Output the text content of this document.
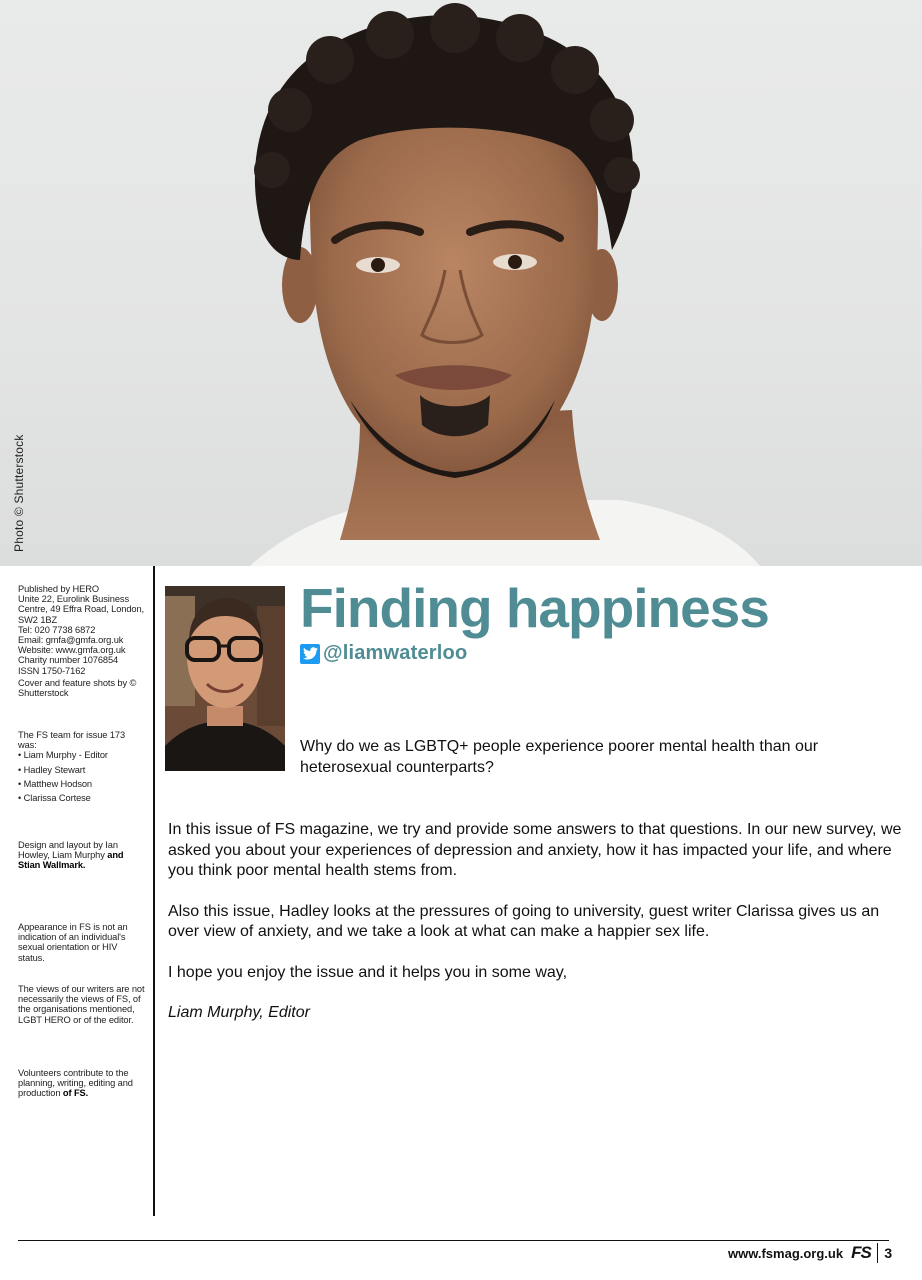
Photo © Shutterstock

Published by HERO
Unite 22, Eurolink Business Centre, 49 Effra Road, London, SW2 1BZ
Tel: 020 7738 6872
Email: gmfa@gmfa.org.uk
Website: www.gmfa.org.uk
Charity number 1076854
ISSN 1750-7162

Cover and feature shots by © Shutterstock

The FS team for issue 173 was:

• Liam Murphy - Editor
• Hadley Stewart
• Matthew Hodson
• Clarissa Cortese

Design and layout by Ian Howley, Liam Murphy and Stian Wallmark.

Appearance in FS is not an indication of an individual's sexual orientation or HIV status.

The views of our writers are not necessarily the views of FS, of the organisations mentioned, LGBT HERO or of the editor.

Volunteers contribute to the planning, writing, editing and production of FS.

Finding happiness
@liamwaterloo

Why do we as LGBTQ+ people experience poorer mental health than our heterosexual counterparts?

In this issue of FS magazine, we try and provide some answers to that questions. In our new survey, we asked you about your experiences of depression and anxiety, how it has impacted your life, and where you think poor mental health stems from.

Also this issue, Hadley looks at the pressures of going to university, guest writer Clarissa gives us an over view of anxiety, and we take a look at what can make a happier sex life.

I hope you enjoy the issue and it helps you in some way,

Liam Murphy, Editor

www.fsmag.org.uk FS 3
